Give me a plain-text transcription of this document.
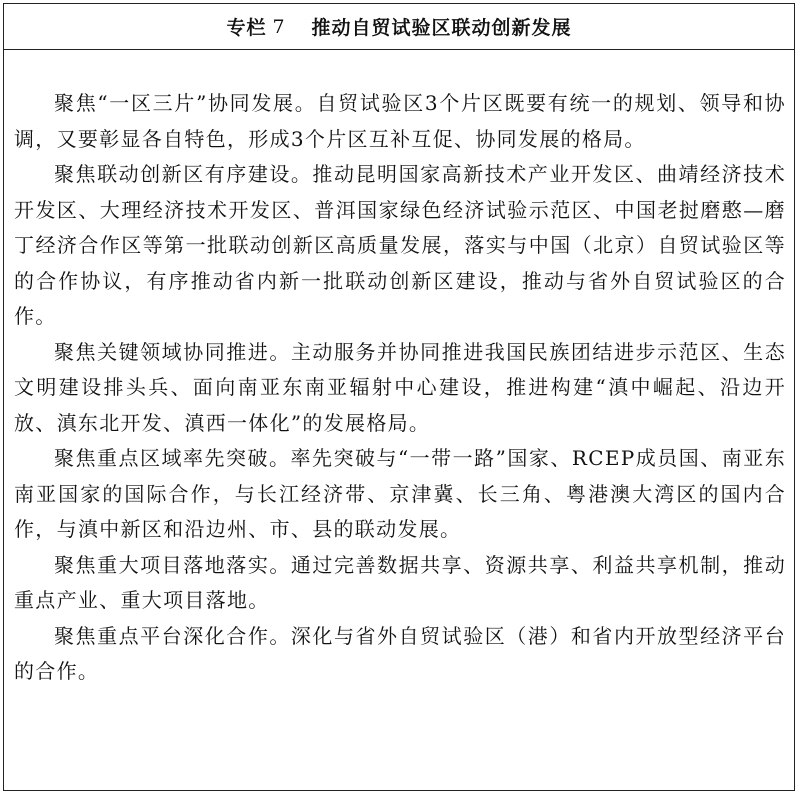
专栏 7 推动自贸试验区联动创新发展

聚焦“一区三片”协同发展。自贸试验区3个片区既要有统一的规划、领导和协调，又要彰显各自特色，形成3个片区互补互促、协同发展的格局。

聚焦联动创新区有序建设。推动昆明国家高新技术产业开发区、曲靖经济技术开发区、大理经济技术开发区、普洱国家绿色经济试验示范区、中国老挝磨憨—磨丁经济合作区等第一批联动创新区高质量发展，落实与中国（北京）自贸试验区等的合作协议，有序推动省内新一批联动创新区建设，推动与省外自贸试验区的合作。

聚焦关键领域协同推进。主动服务并协同推进我国民族团结进步示范区、生态文明建设排头兵、面向南亚东南亚辐射中心建设，推进构建“滇中崛起、沿边开放、滇东北开发、滇西一体化”的发展格局。

聚焦重点区域率先突破。率先突破与“一带一路”国家、RCEP成员国、南亚东南亚国家的国际合作，与长江经济带、京津冀、长三角、粤港澳大湾区的国内合作，与滇中新区和沿边州、市、县的联动发展。

聚焦重大项目落地落实。通过完善数据共享、资源共享、利益共享机制，推动重点产业、重大项目落地。

聚焦重点平台深化合作。深化与省外自贸试验区（港）和省内开放型经济平台的合作。
